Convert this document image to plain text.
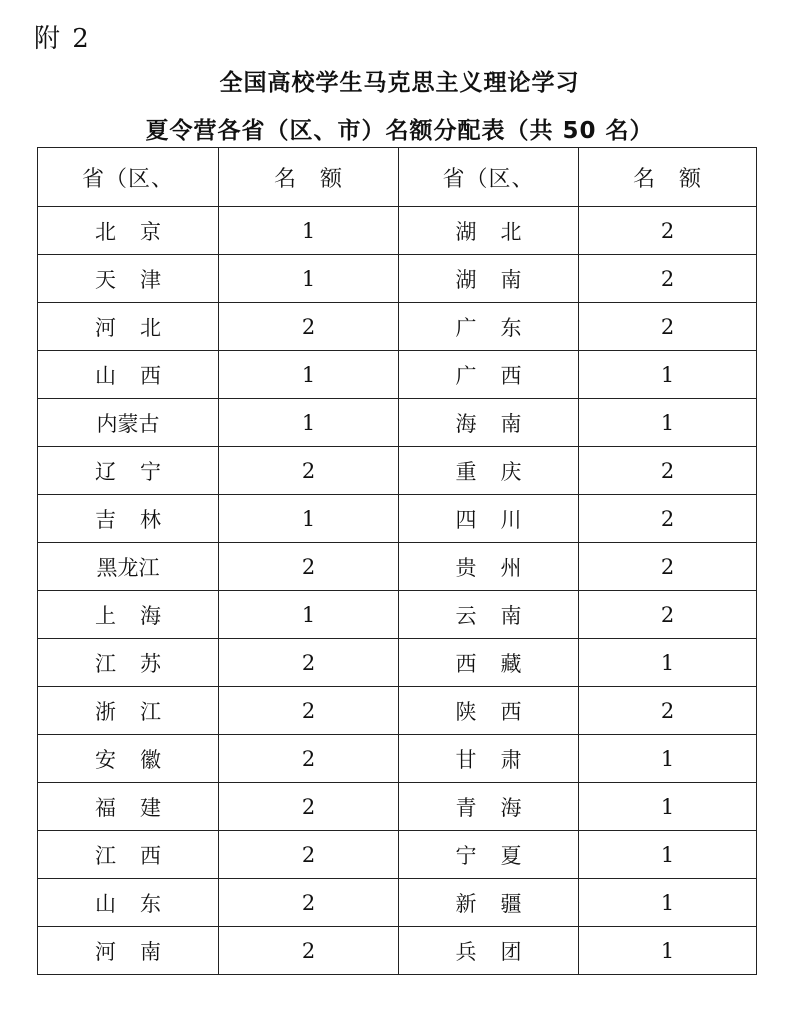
附 2
全国高校学生马克思主义理论学习
夏令营各省（区、市）名额分配表（共 50 名）
省（区、	名　额	省（区、	名　额
北京	1	湖北	2
天津	1	湖南	2
河北	2	广东	2
山西	1	广西	1
内蒙古	1	海南	1
辽宁	2	重庆	2
吉林	1	四川	2
黑龙江	2	贵州	2
上海	1	云南	2
江苏	2	西藏	1
浙江	2	陕西	2
安徽	2	甘肃	1
福建	2	青海	1
江西	2	宁夏	1
山东	2	新疆	1
河南	2	兵团	1
